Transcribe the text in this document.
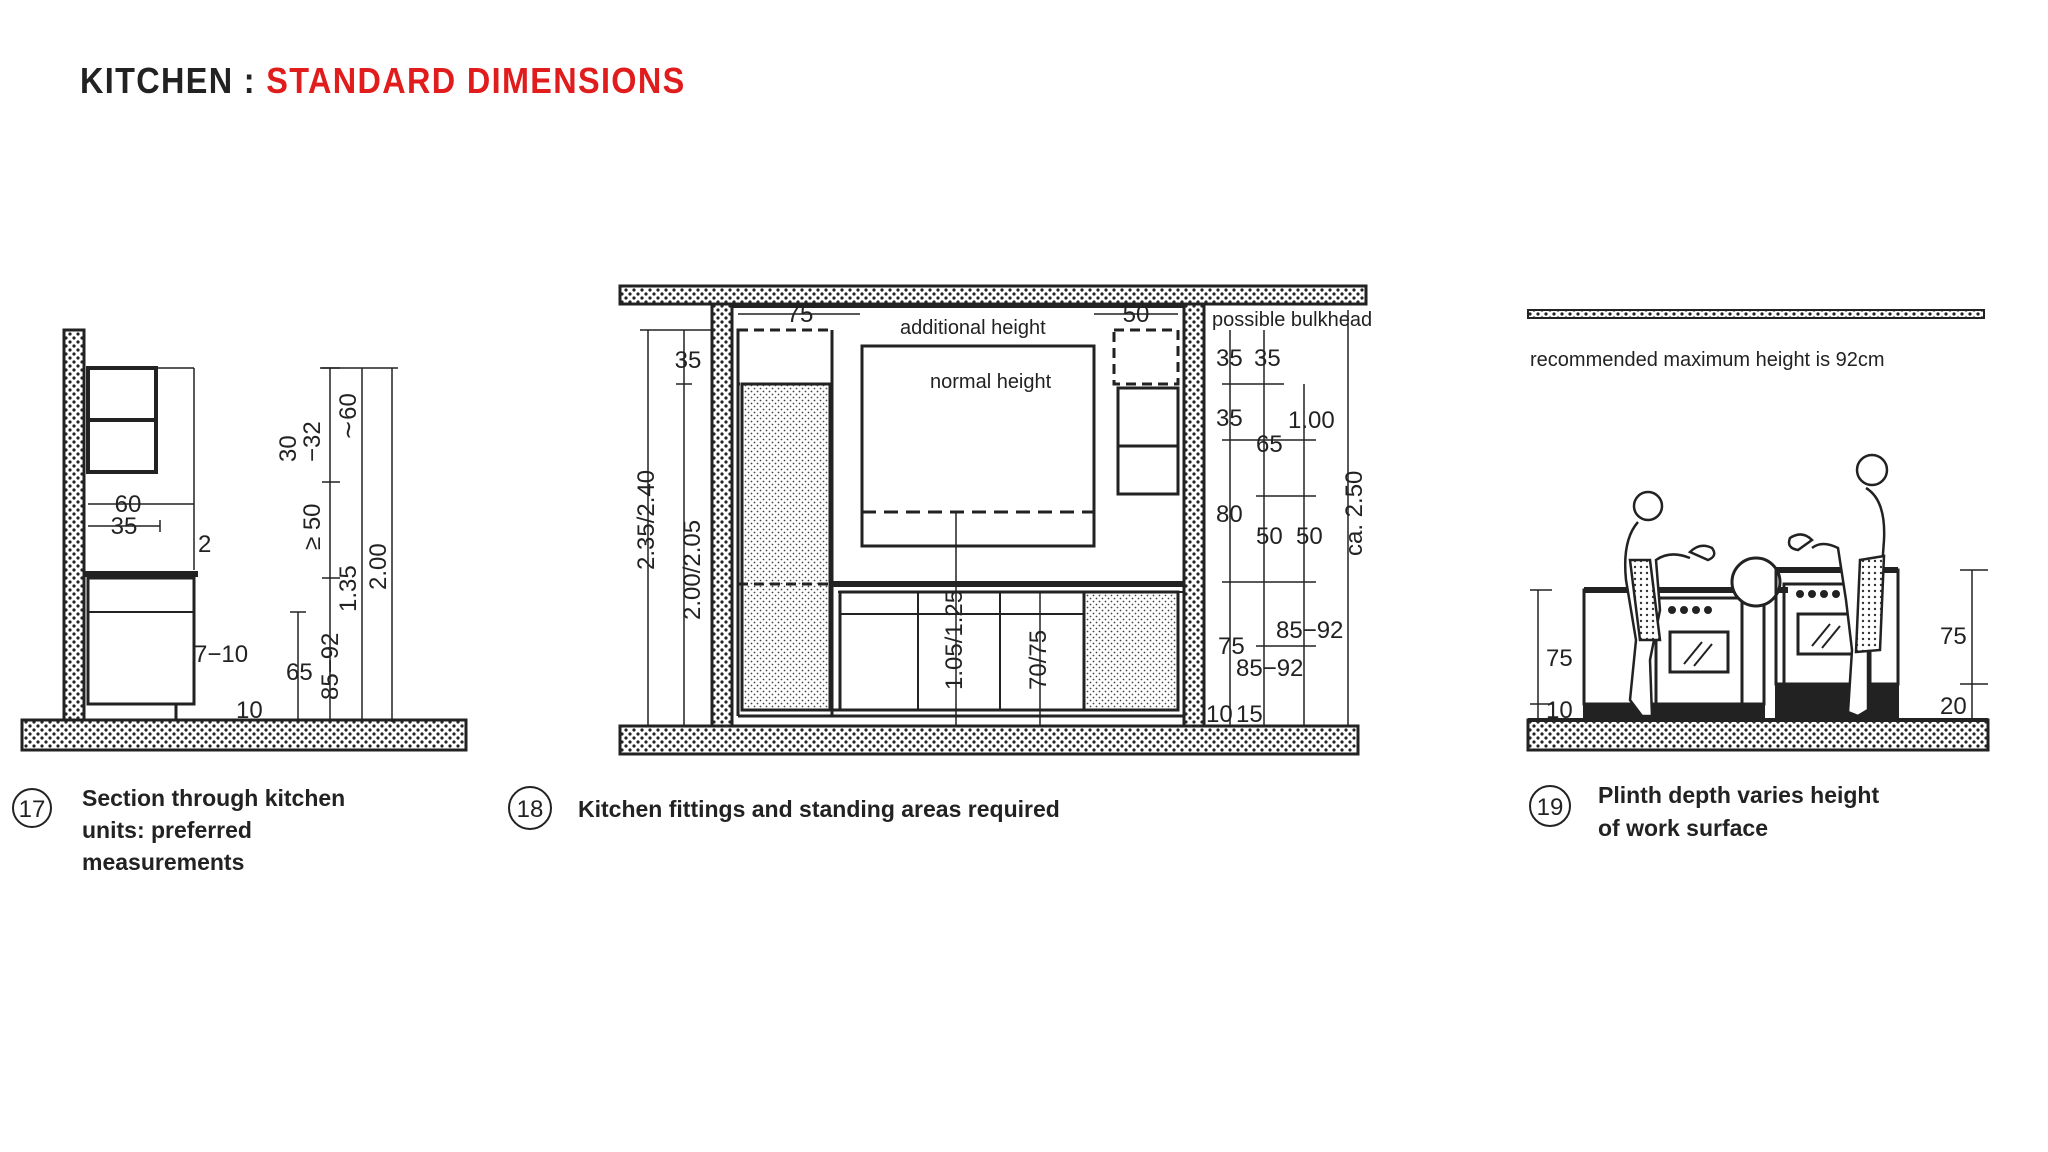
KITCHEN : STANDARD DIMENSIONS
60
35
2
7−10
10
65 85−92
1.35
30
−32
∼60
≥ 50
2.00
17 Section through kitchen
units: preferred
measurements
75	50
additional height
normal height
possible bulkhead
35
2.35/2.40 2.00/2.05
1.05/1.25 70/75
35 35
35
65
1.00
80
50 50
85−92
75
85−92
ca. 2.50
10 15
18 Kitchen fittings and standing areas required
recommended maximum height is 92cm
75
10
75
20
19 Plinth depth varies height
of work surface
